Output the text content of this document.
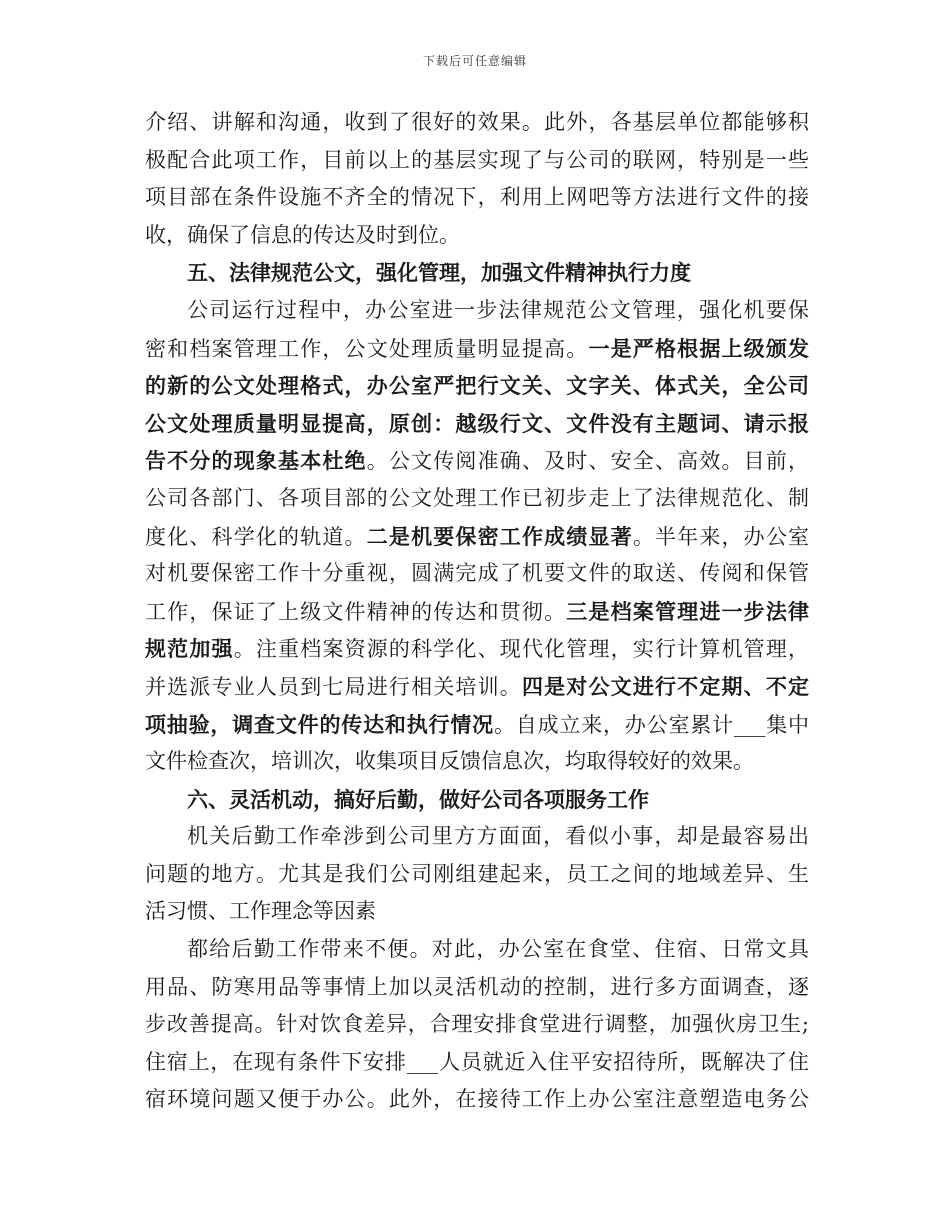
下载后可任意编辑
介绍、讲解和沟通，收到了很好的效果。此外，各基层单位都能够积
极配合此项工作，目前以上的基层实现了与公司的联网，特别是一些
项目部在条件设施不齐全的情况下，利用上网吧等方法进行文件的接
收，确保了信息的传达及时到位。
五、法律规范公文，强化管理，加强文件精神执行力度
公司运行过程中，办公室进一步法律规范公文管理，强化机要保
密和档案管理工作，公文处理质量明显提高。一是严格根据上级颁发
的新的公文处理格式，办公室严把行文关、文字关、体式关，全公司
公文处理质量明显提高，原创：越级行文、文件没有主题词、请示报
告不分的现象基本杜绝。公文传阅准确、及时、安全、高效。目前，
公司各部门、各项目部的公文处理工作已初步走上了法律规范化、制
度化、科学化的轨道。二是机要保密工作成绩显著。半年来，办公室
对机要保密工作十分重视，圆满完成了机要文件的取送、传阅和保管
工作，保证了上级文件精神的传达和贯彻。三是档案管理进一步法律
规范加强。注重档案资源的科学化、现代化管理，实行计算机管理，
并选派专业人员到七局进行相关培训。四是对公文进行不定期、不定
项抽验，调查文件的传达和执行情况。自成立来，办公室累计___集中
文件检查次，培训次，收集项目反馈信息次，均取得较好的效果。
六、灵活机动，搞好后勤，做好公司各项服务工作
机关后勤工作牵涉到公司里方方面面，看似小事，却是最容易出
问题的地方。尤其是我们公司刚组建起来，员工之间的地域差异、生
活习惯、工作理念等因素
都给后勤工作带来不便。对此，办公室在食堂、住宿、日常文具
用品、防寒用品等事情上加以灵活机动的控制，进行多方面调查，逐
步改善提高。针对饮食差异，合理安排食堂进行调整，加强伙房卫生;
住宿上，在现有条件下安排___人员就近入住平安招待所，既解决了住
宿环境问题又便于办公。此外，在接待工作上办公室注意塑造电务公
